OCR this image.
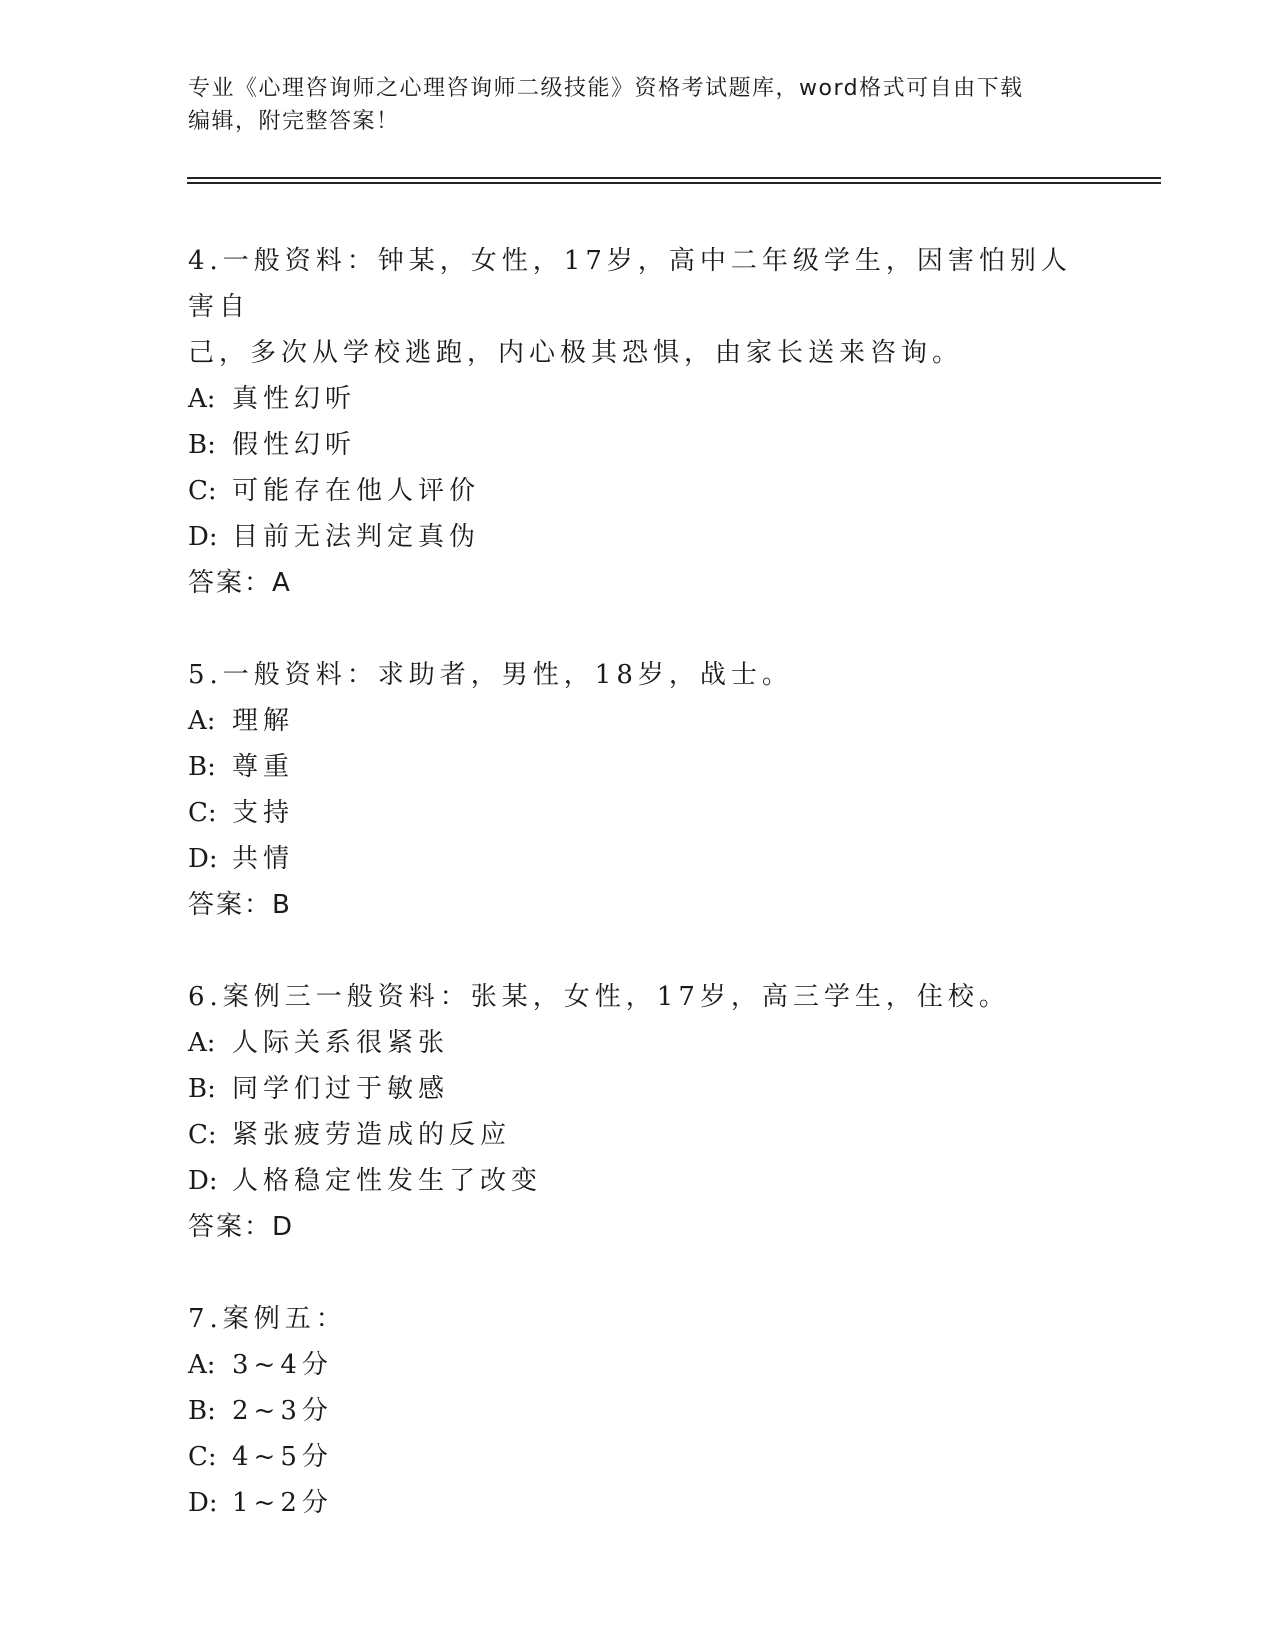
专业《心理咨询师之心理咨询师二级技能》资格考试题库，word格式可自由下载
编辑，附完整答案！
4.一般资料：钟某，女性，17岁，高中二年级学生，因害怕别人害自
己，多次从学校逃跑，内心极其恐惧，由家长送来咨询。
A: 真性幻听
B: 假性幻听
C: 可能存在他人评价
D: 目前无法判定真伪
答案：A
5.一般资料：求助者，男性，18岁，战士。
A: 理解
B: 尊重
C: 支持
D: 共情
答案：B
6.案例三一般资料：张某，女性，17岁，高三学生，住校。
A: 人际关系很紧张
B: 同学们过于敏感
C: 紧张疲劳造成的反应
D: 人格稳定性发生了改变
答案：D
7.案例五：
A: 3~4分
B: 2~3分
C: 4~5分
D: 1~2分
